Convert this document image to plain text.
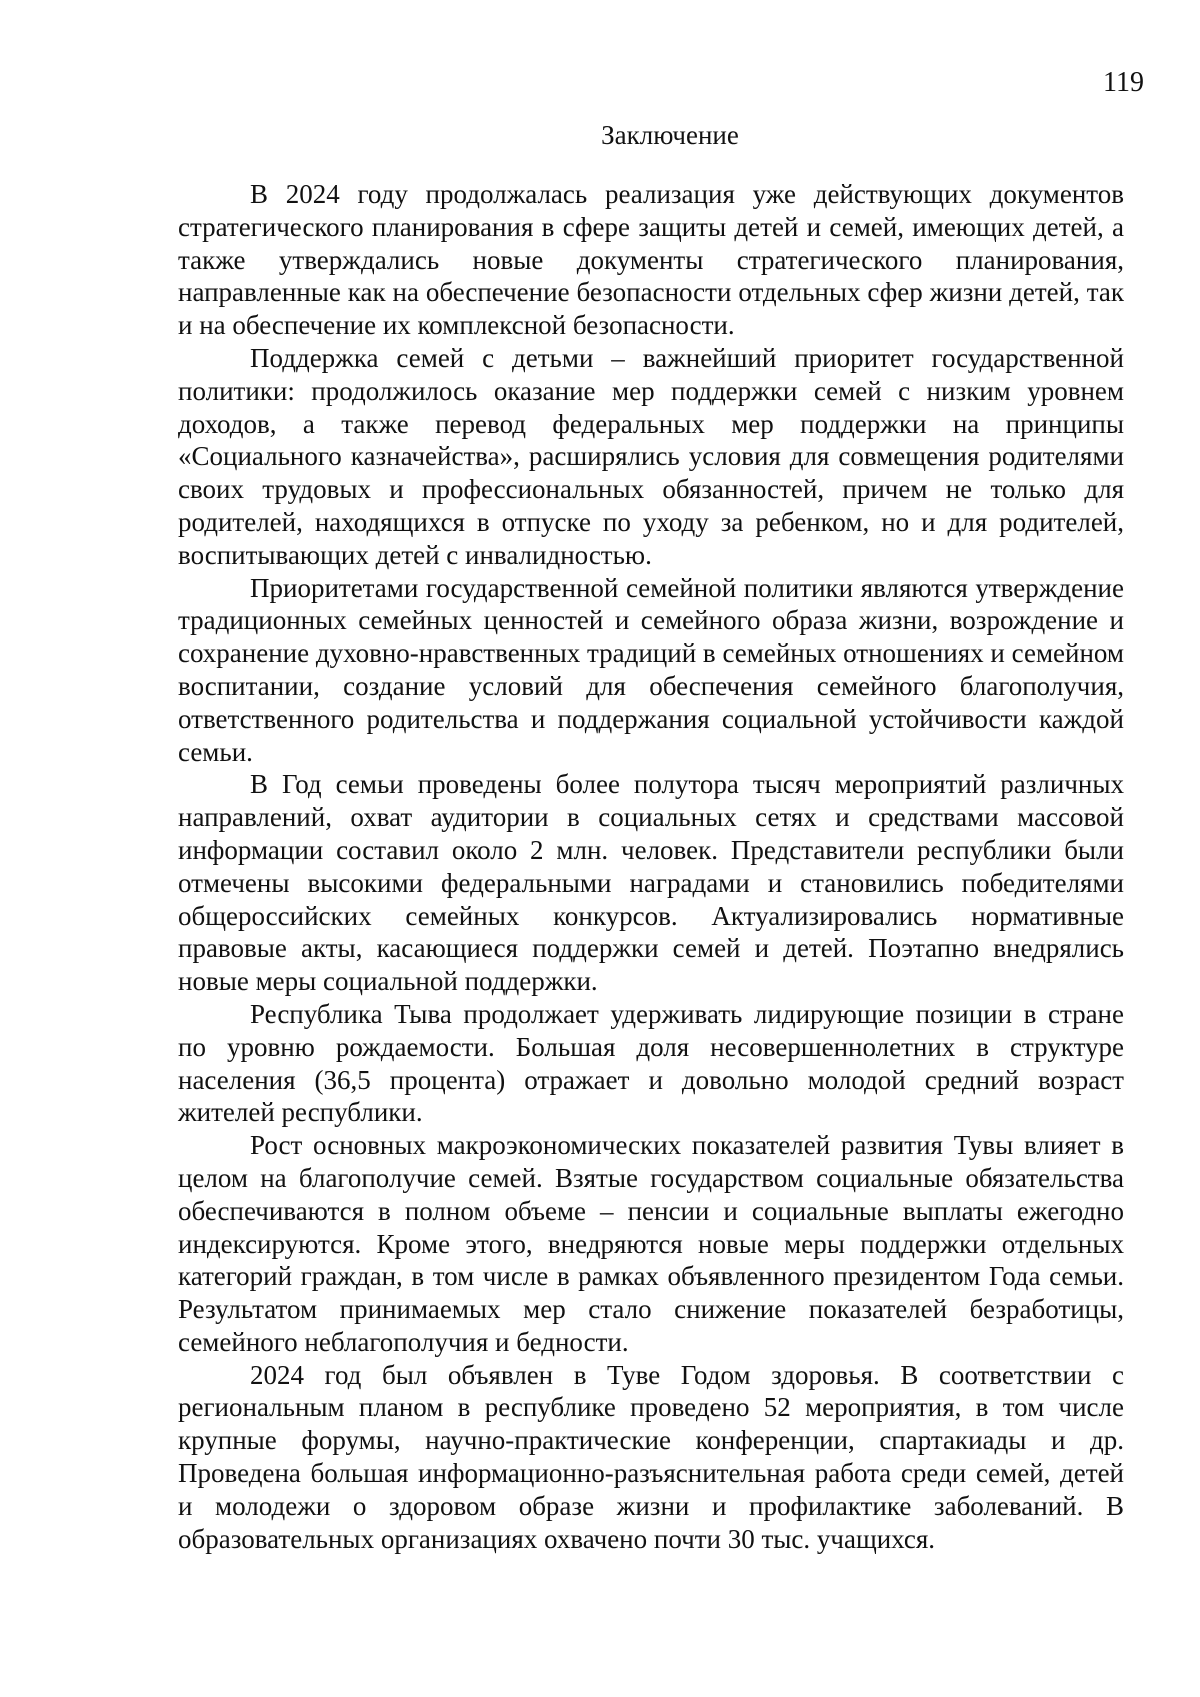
119
Заключение

В 2024 году продолжалась реализация уже действующих документов стратегического планирования в сфере защиты детей и семей, имеющих детей, а также утверждались новые документы стратегического планирования, направленные как на обеспечение безопасности отдельных сфер жизни детей, так и на обеспечение их комплексной безопасности.

Поддержка семей с детьми – важнейший приоритет государственной политики: продолжилось оказание мер поддержки семей с низким уровнем доходов, а также перевод федеральных мер поддержки на принципы «Социального казначейства», расширялись условия для совмещения родителями своих трудовых и профессиональных обязанностей, причем не только для родителей, находящихся в отпуске по уходу за ребенком, но и для родителей, воспитывающих детей с инвалидностью.

Приоритетами государственной семейной политики являются утверждение традиционных семейных ценностей и семейного образа жизни, возрождение и сохранение духовно-нравственных традиций в семейных отношениях и семейном воспитании, создание условий для обеспечения семейного благополучия, ответственного родительства и поддержания социальной устойчивости каждой семьи.

В Год семьи проведены более полутора тысяч мероприятий различных направлений, охват аудитории в социальных сетях и средствами массовой информации составил около 2 млн. человек. Представители республики были отмечены высокими федеральными наградами и становились победителями общероссийских семейных конкурсов. Актуализировались нормативные правовые акты, касающиеся поддержки семей и детей. Поэтапно внедрялись новые меры социальной поддержки.

Республика Тыва продолжает удерживать лидирующие позиции в стране по уровню рождаемости. Большая доля несовершеннолетних в структуре населения (36,5 процента) отражает и довольно молодой средний возраст жителей республики.

Рост основных макроэкономических показателей развития Тувы влияет в целом на благополучие семей. Взятые государством социальные обязательства обеспечиваются в полном объеме – пенсии и социальные выплаты ежегодно индексируются. Кроме этого, внедряются новые меры поддержки отдельных категорий граждан, в том числе в рамках объявленного президентом Года семьи. Результатом принимаемых мер стало снижение показателей безработицы, семейного неблагополучия и бедности.

2024 год был объявлен в Туве Годом здоровья. В соответствии с региональным планом в республике проведено 52 мероприятия, в том числе крупные форумы, научно-практические конференции, спартакиады и др. Проведена большая информационно-разъяснительная работа среди семей, детей и молодежи о здоровом образе жизни и профилактике заболеваний. В образовательных организациях охвачено почти 30 тыс. учащихся.
